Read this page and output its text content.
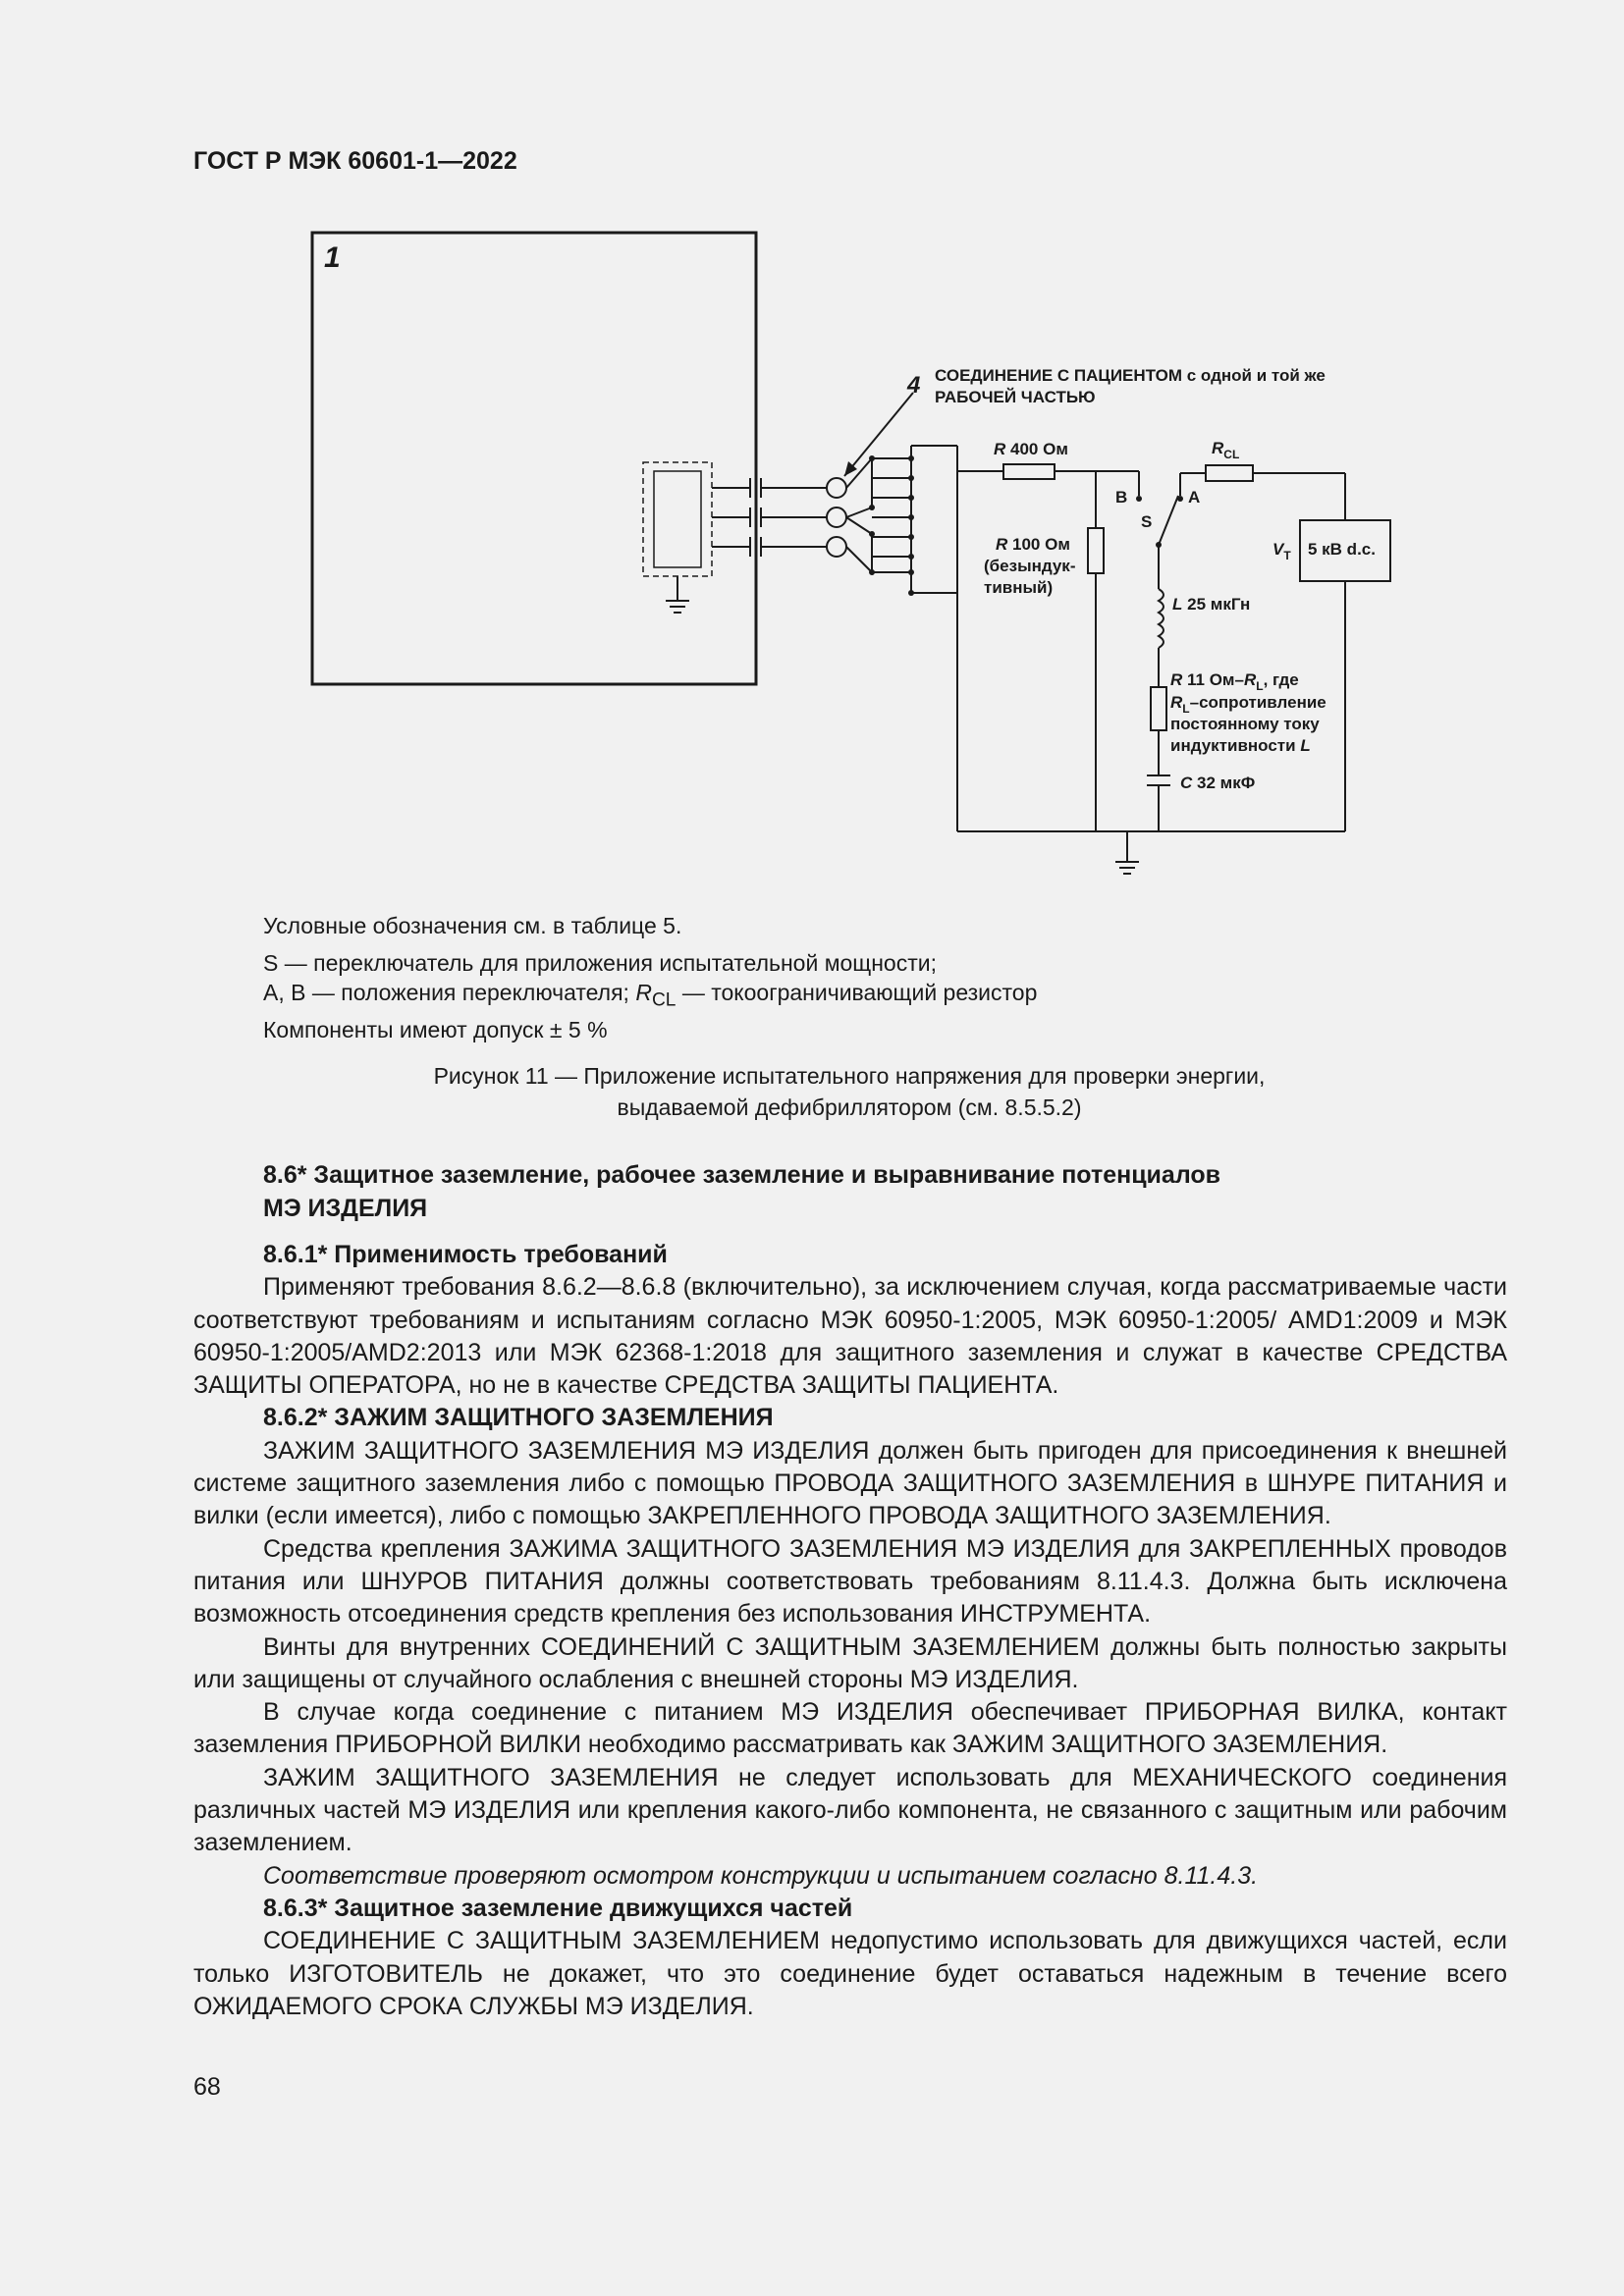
ГОСТ Р МЭК 60601-1—2022
1
4 СОЕДИНЕНИЕ С ПАЦИЕНТОМ с одной и той же
РАБОЧЕЙ ЧАСТЬЮ
R 400 Ом	$R_{CL}$
B	A
S
$V_T$ 5 кВ d.c.
R 100 Ом
(безындук-
тивный)
L 25 мкГн
R 11 $Ом-R_L$, где
$R_L$–сопротивление
постоянному току
индуктивности L
C 32 мкФ
Условные обозначения см. в таблице 5.
S — переключатель для приложения испытательной мощности;
A, B — положения переключателя; $R_{CL}$ — токоограничивающий резистор
Компоненты имеют допуск ± 5 %
Рисунок 11 — Приложение испытательного напряжения для проверки энергии,
выдаваемой дефибриллятором (см. 8.5.5.2)
8.6* Защитное заземление, рабочее заземление и выравнивание потенциалов
МЭ ИЗДЕЛИЯ

8.6.1* Применимость требований

Применяют требования 8.6.2—8.6.8 (включительно), за исключением случая, когда рассматриваемые части соответствуют требованиям и испытаниям согласно МЭК 60950-1:2005, МЭК 60950-1:2005/ AMD1:2009 и МЭК 60950-1:2005/AMD2:2013 или МЭК 62368-1:2018 для защитного заземления и служат в качестве СРЕДСТВА ЗАЩИТЫ ОПЕРАТОРА, но не в качестве СРЕДСТВА ЗАЩИТЫ ПАЦИЕНТА.

8.6.2* ЗАЖИМ ЗАЩИТНОГО ЗАЗЕМЛЕНИЯ

ЗАЖИМ ЗАЩИТНОГО ЗАЗЕМЛЕНИЯ МЭ ИЗДЕЛИЯ должен быть пригоден для присоединения к внешней системе защитного заземления либо с помощью ПРОВОДА ЗАЩИТНОГО ЗАЗЕМЛЕНИЯ в ШНУРЕ ПИТАНИЯ и вилки (если имеется), либо с помощью ЗАКРЕПЛЕННОГО ПРОВОДА ЗАЩИТНОГО ЗАЗЕМЛЕНИЯ.

Средства крепления ЗАЖИМА ЗАЩИТНОГО ЗАЗЕМЛЕНИЯ МЭ ИЗДЕЛИЯ для ЗАКРЕПЛЕННЫХ проводов питания или ШНУРОВ ПИТАНИЯ должны соответствовать требованиям 8.11.4.3. Должна быть исключена возможность отсоединения средств крепления без использования ИНСТРУМЕНТА.

Винты для внутренних СОЕДИНЕНИЙ С ЗАЩИТНЫМ ЗАЗЕМЛЕНИЕМ должны быть полностью закрыты или защищены от случайного ослабления с внешней стороны МЭ ИЗДЕЛИЯ.

В случае когда соединение с питанием МЭ ИЗДЕЛИЯ обеспечивает ПРИБОРНАЯ ВИЛКА, контакт заземления ПРИБОРНОЙ ВИЛКИ необходимо рассматривать как ЗАЖИМ ЗАЩИТНОГО ЗАЗЕМЛЕНИЯ.

ЗАЖИМ ЗАЩИТНОГО ЗАЗЕМЛЕНИЯ не следует использовать для МЕХАНИЧЕСКОГО соединения различных частей МЭ ИЗДЕЛИЯ или крепления какого-либо компонента, не связанного с защитным или рабочим заземлением.

Соответствие проверяют осмотром конструкции и испытанием согласно 8.11.4.3.

8.6.3* Защитное заземление движущихся частей

СОЕДИНЕНИЕ С ЗАЩИТНЫМ ЗАЗЕМЛЕНИЕМ недопустимо использовать для движущихся частей, если только ИЗГОТОВИТЕЛЬ не докажет, что это соединение будет оставаться надежным в течение всего ОЖИДАЕМОГО СРОКА СЛУЖБЫ МЭ ИЗДЕЛИЯ.

68
